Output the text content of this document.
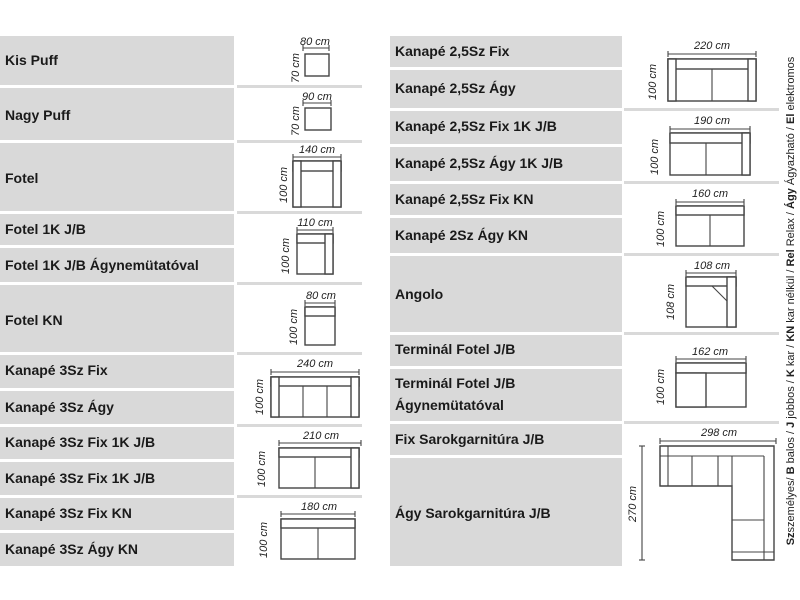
Kis Puff
Nagy Puff
Fotel
Fotel 1K J/B
Fotel 1K J/B Ágynemütatóval
Fotel KN
Kanapé 3Sz Fix
Kanapé 3Sz Ágy
Kanapé 3Sz Fix 1K J/B
Kanapé 3Sz Fix 1K J/B
Kanapé 3Sz Fix KN
Kanapé 3Sz Ágy KN
80 cm
70 cm
90 cm
70 cm
140 cm
100 cm
110 cm
100 cm
80 cm
100 cm
240 cm
100 cm
210 cm
100 cm
180 cm
100 cm
Kanapé 2,5Sz Fix
Kanapé 2,5Sz Ágy
Kanapé 2,5Sz Fix 1K J/B
Kanapé 2,5Sz Ágy 1K J/B
Kanapé 2,5Sz Fix KN
Kanapé 2Sz Ágy KN
Angolo
Terminál Fotel J/B
Terminál Fotel J/B Ágynemütatóval
Fix Sarokgarnitúra J/B
Ágy Sarokgarnitúra J/B
220 cm
100 cm
190 cm
100 cm
160 cm
100 cm
108 cm
108 cm
162 cm
100 cm
298 cm
270 cm
Szszemélyes/ B balos / J jobbos / K kar / KN kar nélkül / Rel Relax / Ágy Ágyazható / El elektromos
